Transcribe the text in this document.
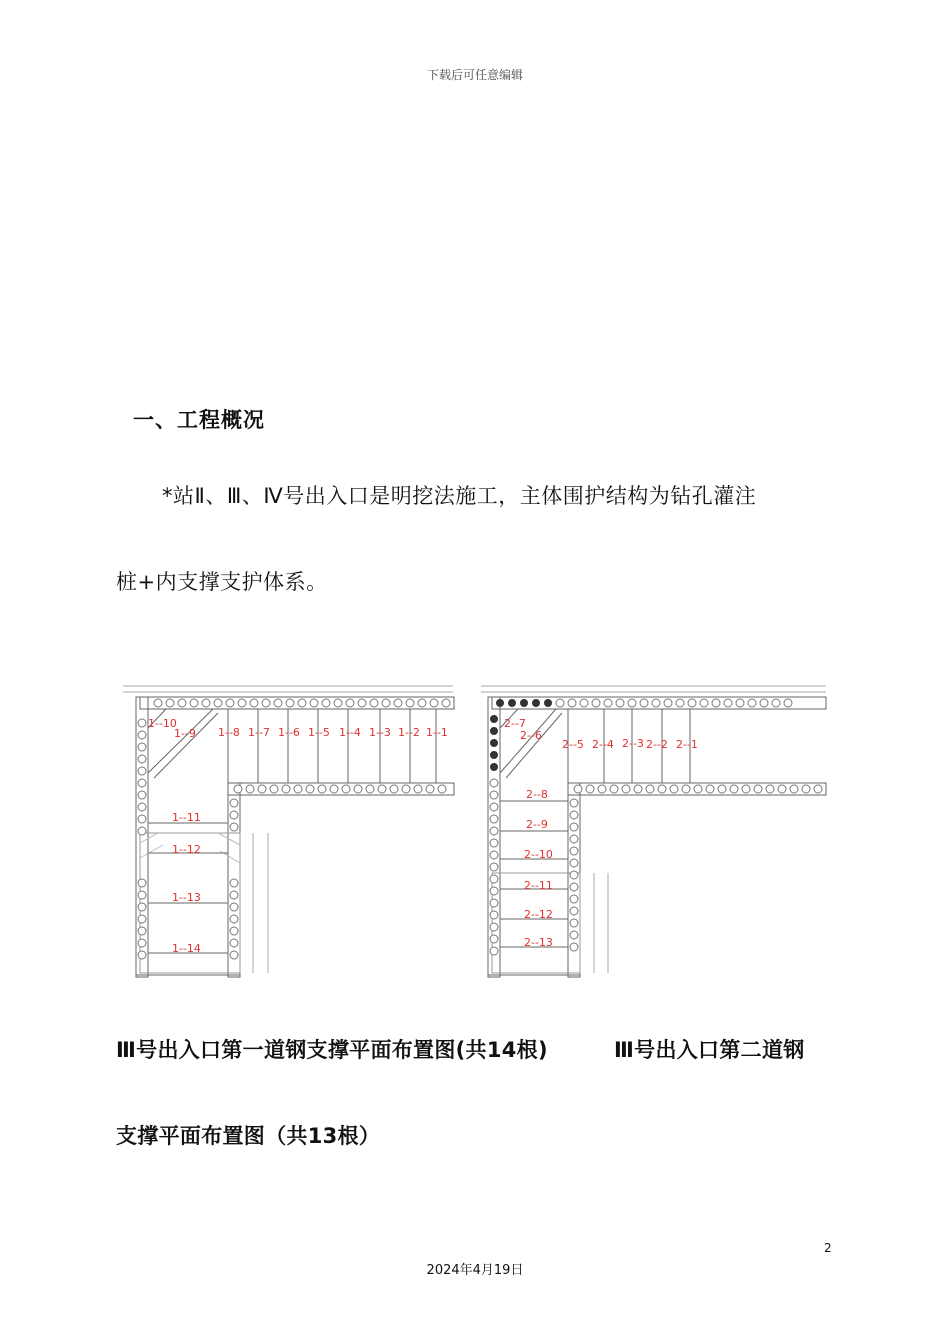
下载后可任意编辑
一、工程概况
*站Ⅱ、Ⅲ、Ⅳ号出入口是明挖法施工，主体围护结构为钻孔灌注
桩+内支撑支护体系。
1--10
1--9 1--8 1--7 1--6 1--5 1--4 1--3 1--2 1--1
1--11
1--12
1--13
1--14
2--7
2--6
2--5 2--4 2--3 2--2 2--1
2--8
2--9
2--10
2--11
2--12
2--13
Ⅲ号出入口第一道钢支撑平面布置图(共14根)	Ⅲ号出入口第二道钢
支撑平面布置图（共13根）
2
2024年4月19日
